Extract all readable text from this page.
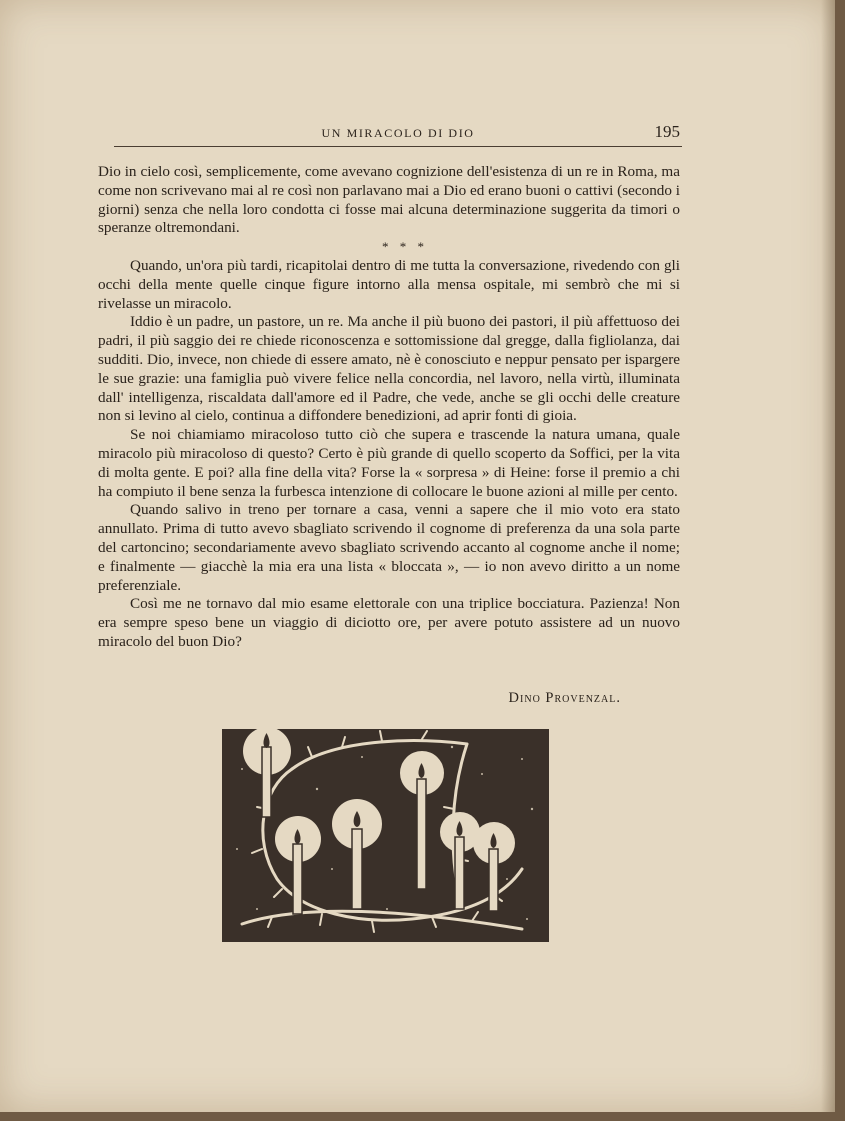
UN MIRACOLO DI DIO	195

Dio in cielo così, semplicemente, come avevano cognizione dell'esistenza di un re in Roma, ma come non scrivevano mai al re così non parlavano mai a Dio ed erano buoni o cattivi (secondo i giorni) senza che nella loro condotta ci fosse mai alcuna determinazione suggerita da timori o speranze oltremondani.

* * *

Quando, un'ora più tardi, ricapitolai dentro di me tutta la conversazione, rivedendo con gli occhi della mente quelle cinque figure intorno alla mensa ospitale, mi sembrò che mi si rivelasse un miracolo.

Iddio è un padre, un pastore, un re. Ma anche il più buono dei pastori, il più affettuoso dei padri, il più saggio dei re chiede riconoscenza e sottomissione dal gregge, dalla figliolanza, dai sudditi. Dio, invece, non chiede di essere amato, nè è conosciuto e neppur pensato per ispargere le sue grazie: una famiglia può vivere felice nella concordia, nel lavoro, nella virtù, illuminata dall' intelligenza, riscaldata dall'amore ed il Padre, che vede, anche se gli occhi delle creature non si levino al cielo, continua a diffondere benedizioni, ad aprir fonti di gioia.

Se noi chiamiamo miracoloso tutto ciò che supera e trascende la natura umana, quale miracolo più miracoloso di questo? Certo è più grande di quello scoperto da Soffici, per la vita di molta gente. E poi? alla fine della vita? Forse la « sorpresa » di Heine: forse il premio a chi ha compiuto il bene senza la furbesca intenzione di collocare le buone azioni al mille per cento.

Quando salivo in treno per tornare a casa, venni a sapere che il mio voto era stato annullato. Prima di tutto avevo sbagliato scrivendo il cognome di preferenza da una sola parte del cartoncino; secondariamente avevo sbagliato scrivendo accanto al cognome anche il nome; e finalmente — giacchè la mia era una lista « bloccata », — io non avevo diritto a un nome preferenziale.

Così me ne tornavo dal mio esame elettorale con una triplice bocciatura. Pazienza! Non era sempre speso bene un viaggio di diciotto ore, per avere potuto assistere ad un nuovo miracolo del buon Dio?

Dino Provenzal.
